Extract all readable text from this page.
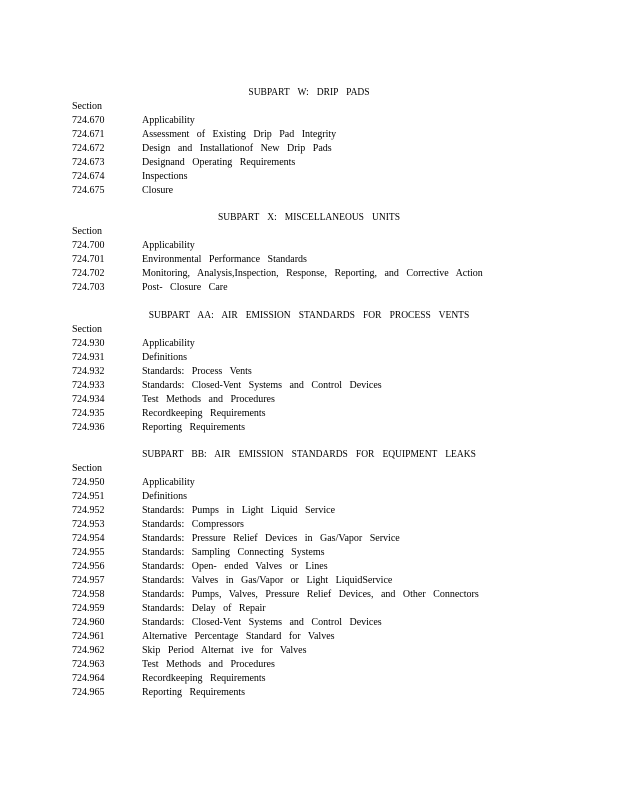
SUBPART W: DRIP PADS
Section
724.670	Applicability
724.671	Assessment of Existing Drip Pad Integrity
724.672	Design and Installationof New Drip Pads
724.673	Designand Operating Requirements
724.674	Inspections
724.675	Closure
SUBPART X: MISCELLANEOUS UNITS
Section
724.700	Applicability
724.701	Environmental Performance Standards
724.702	Monitoring, Analysis,Inspection, Response, Reporting, and Corrective Action
724.703	Post- Closure Care
SUBPART AA: AIR EMISSION STANDARDS FOR PROCESS VENTS
Section
724.930	Applicability
724.931	Definitions
724.932	Standards: Process Vents
724.933	Standards: Closed-Vent Systems and Control Devices
724.934	Test Methods and Procedures
724.935	Recordkeeping Requirements
724.936	Reporting Requirements
SUBPART BB: AIR EMISSION STANDARDS FOR EQUIPMENT LEAKS
Section
724.950	Applicability
724.951	Definitions
724.952	Standards: Pumps in Light Liquid Service
724.953	Standards: Compressors
724.954	Standards: Pressure Relief Devices in Gas/Vapor Service
724.955	Standards: Sampling Connecting Systems
724.956	Standards: Open- ended Valves or Lines
724.957	Standards: Valves in Gas/Vapor or Light LiquidService
724.958	Standards: Pumps, Valves, Pressure Relief Devices, and Other Connectors
724.959	Standards: Delay of Repair
724.960	Standards: Closed-Vent Systems and Control Devices
724.961	Alternative Percentage Standard for Valves
724.962	Skip Period Alternat ive for Valves
724.963	Test Methods and Procedures
724.964	Recordkeeping Requirements
724.965	Reporting Requirements
